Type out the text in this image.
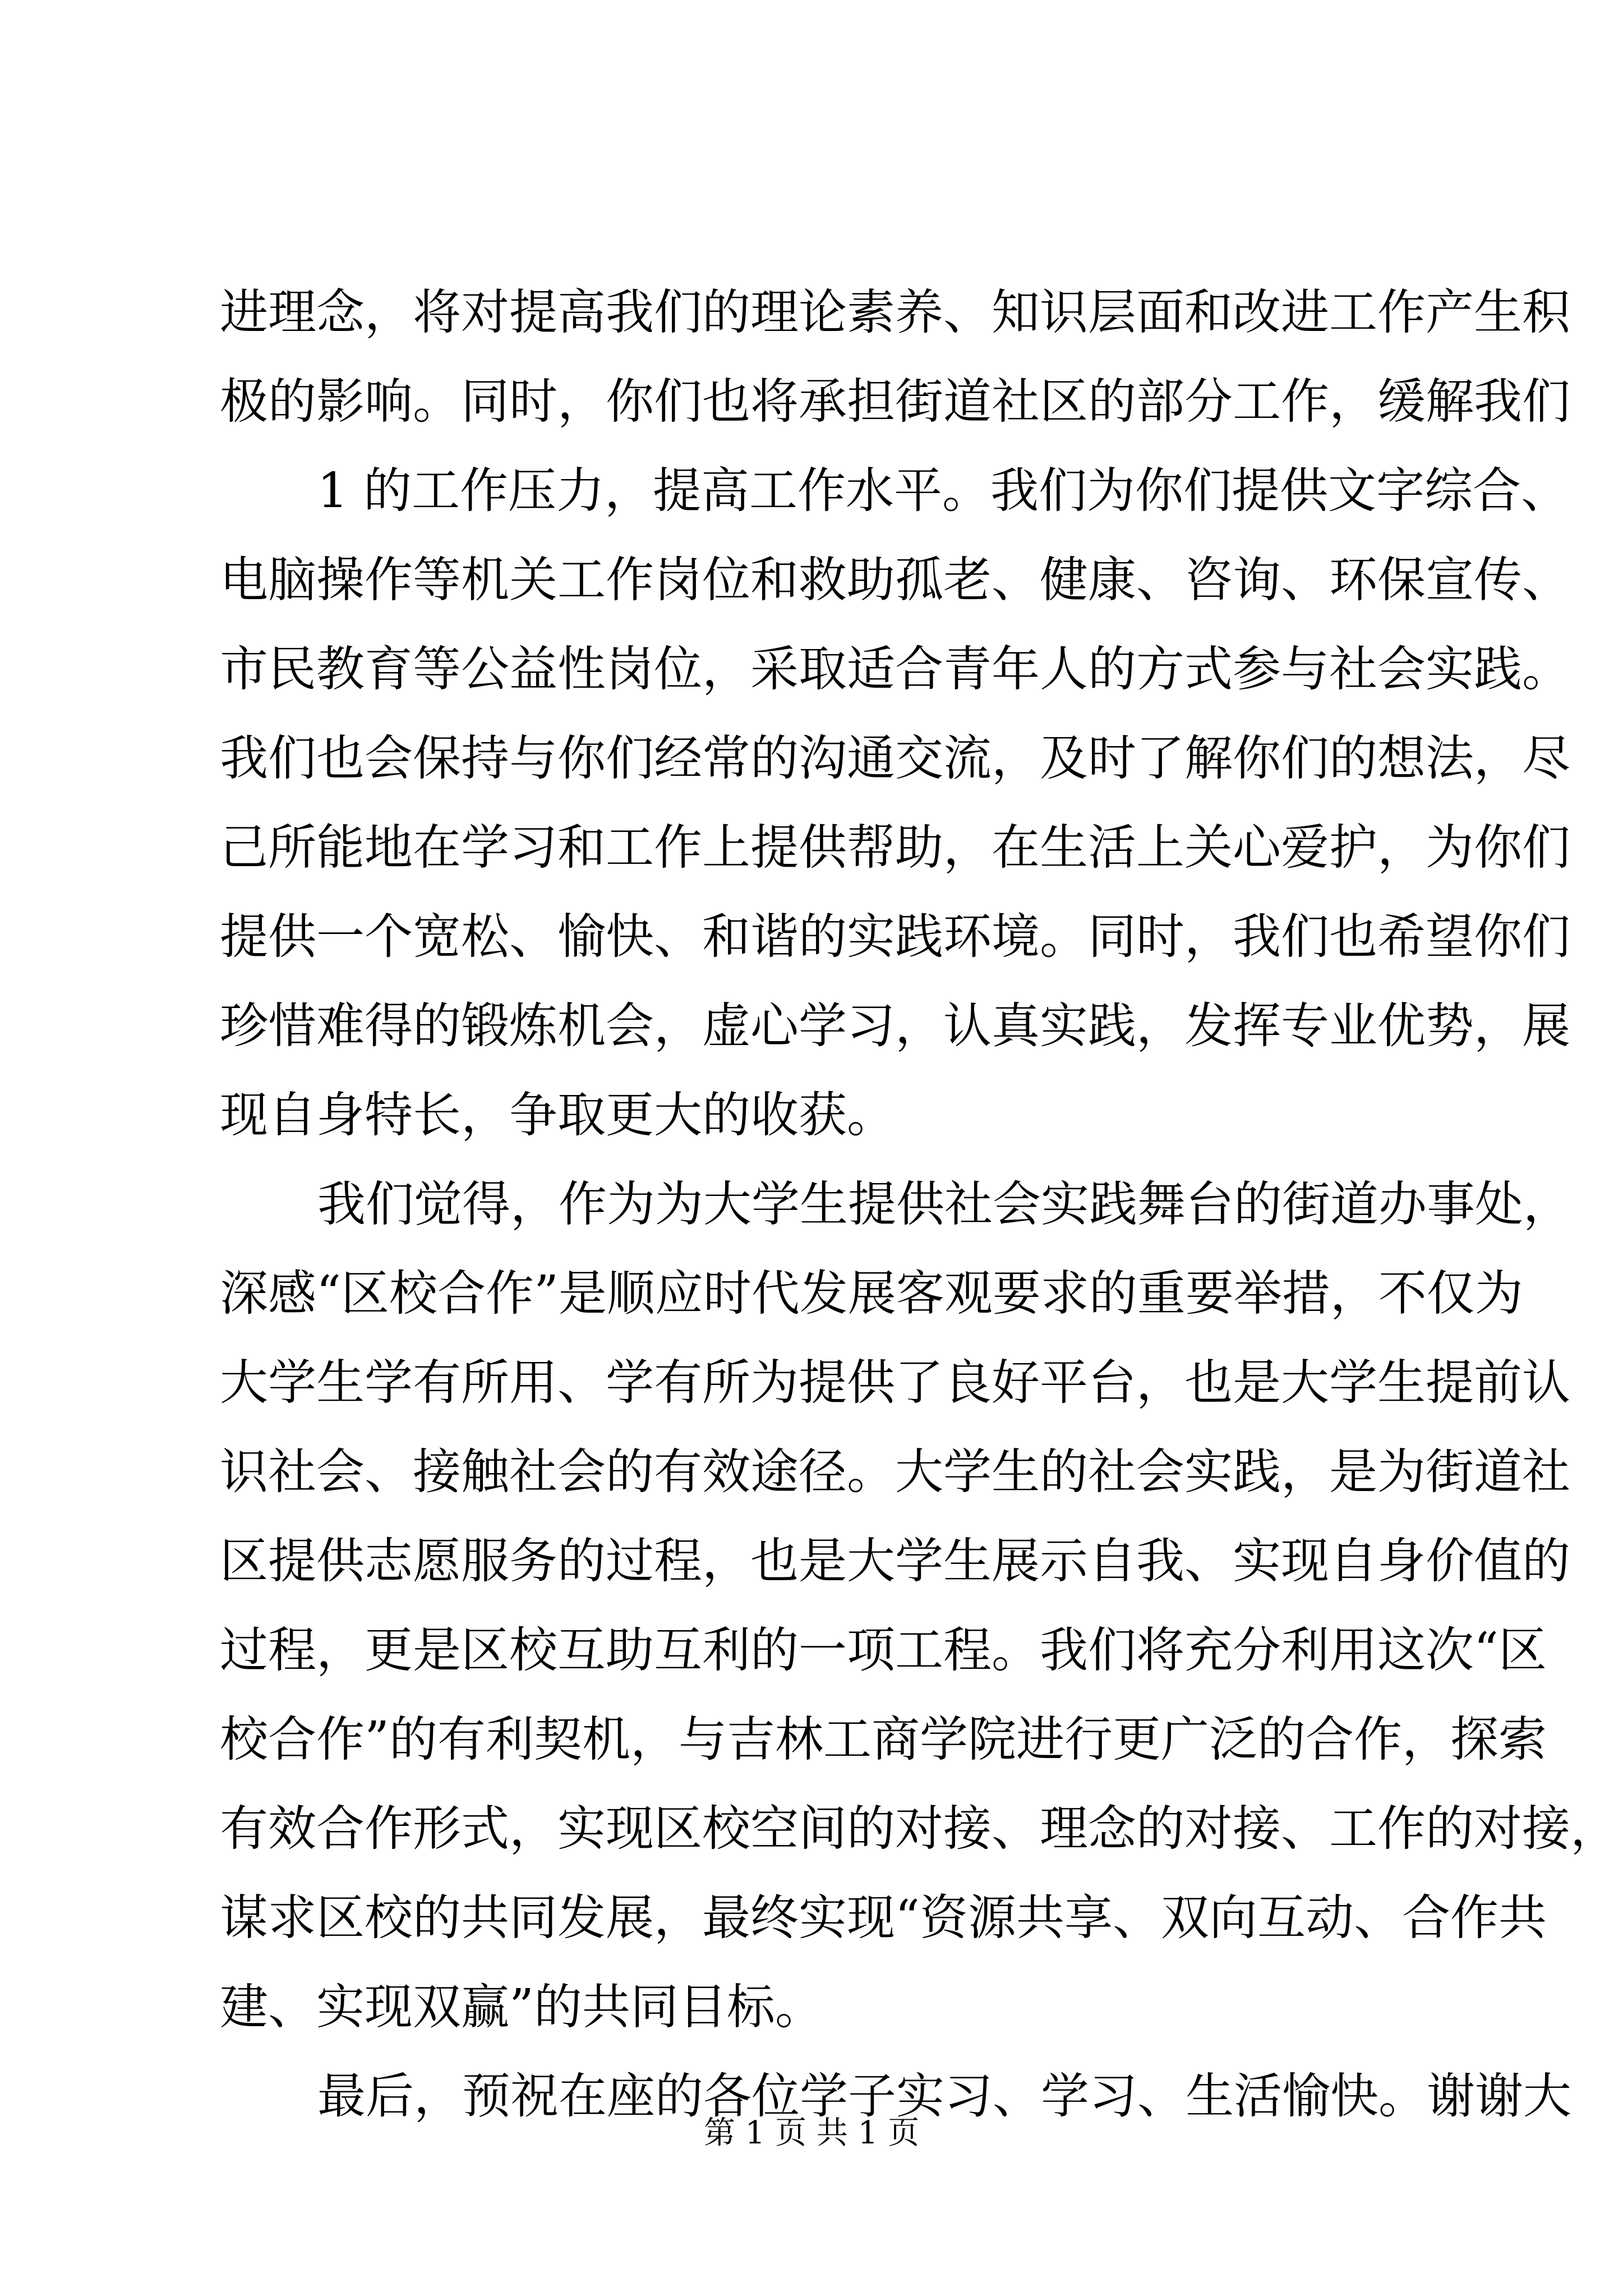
进理念，将对提高我们的理论素养、知识层面和改进工作产生积
极的影响。同时，你们也将承担街道社区的部分工作，缓解我们
1 的工作压力，提高工作水平。我们为你们提供文字综合、
电脑操作等机关工作岗位和救助孤老、健康、咨询、环保宣传、
市民教育等公益性岗位，采取适合青年人的方式参与社会实践。
我们也会保持与你们经常的沟通交流，及时了解你们的想法，尽
己所能地在学习和工作上提供帮助，在生活上关心爱护，为你们
提供一个宽松、愉快、和谐的实践环境。同时，我们也希望你们
珍惜难得的锻炼机会，虚心学习，认真实践，发挥专业优势，展
现自身特长，争取更大的收获。
我们觉得，作为为大学生提供社会实践舞台的街道办事处，
深感“区校合作”是顺应时代发展客观要求的重要举措，不仅为
大学生学有所用、学有所为提供了良好平台，也是大学生提前认
识社会、接触社会的有效途径。大学生的社会实践，是为街道社
区提供志愿服务的过程，也是大学生展示自我、实现自身价值的
过程，更是区校互助互利的一项工程。我们将充分利用这次“区
校合作”的有利契机，与吉林工商学院进行更广泛的合作，探索
有效合作形式，实现区校空间的对接、理念的对接、工作的对接，
谋求区校的共同发展，最终实现“资源共享、双向互动、合作共
建、实现双赢”的共同目标。
最后，预祝在座的各位学子实习、学习、生活愉快。谢谢大
第 1 页 共 1 页
